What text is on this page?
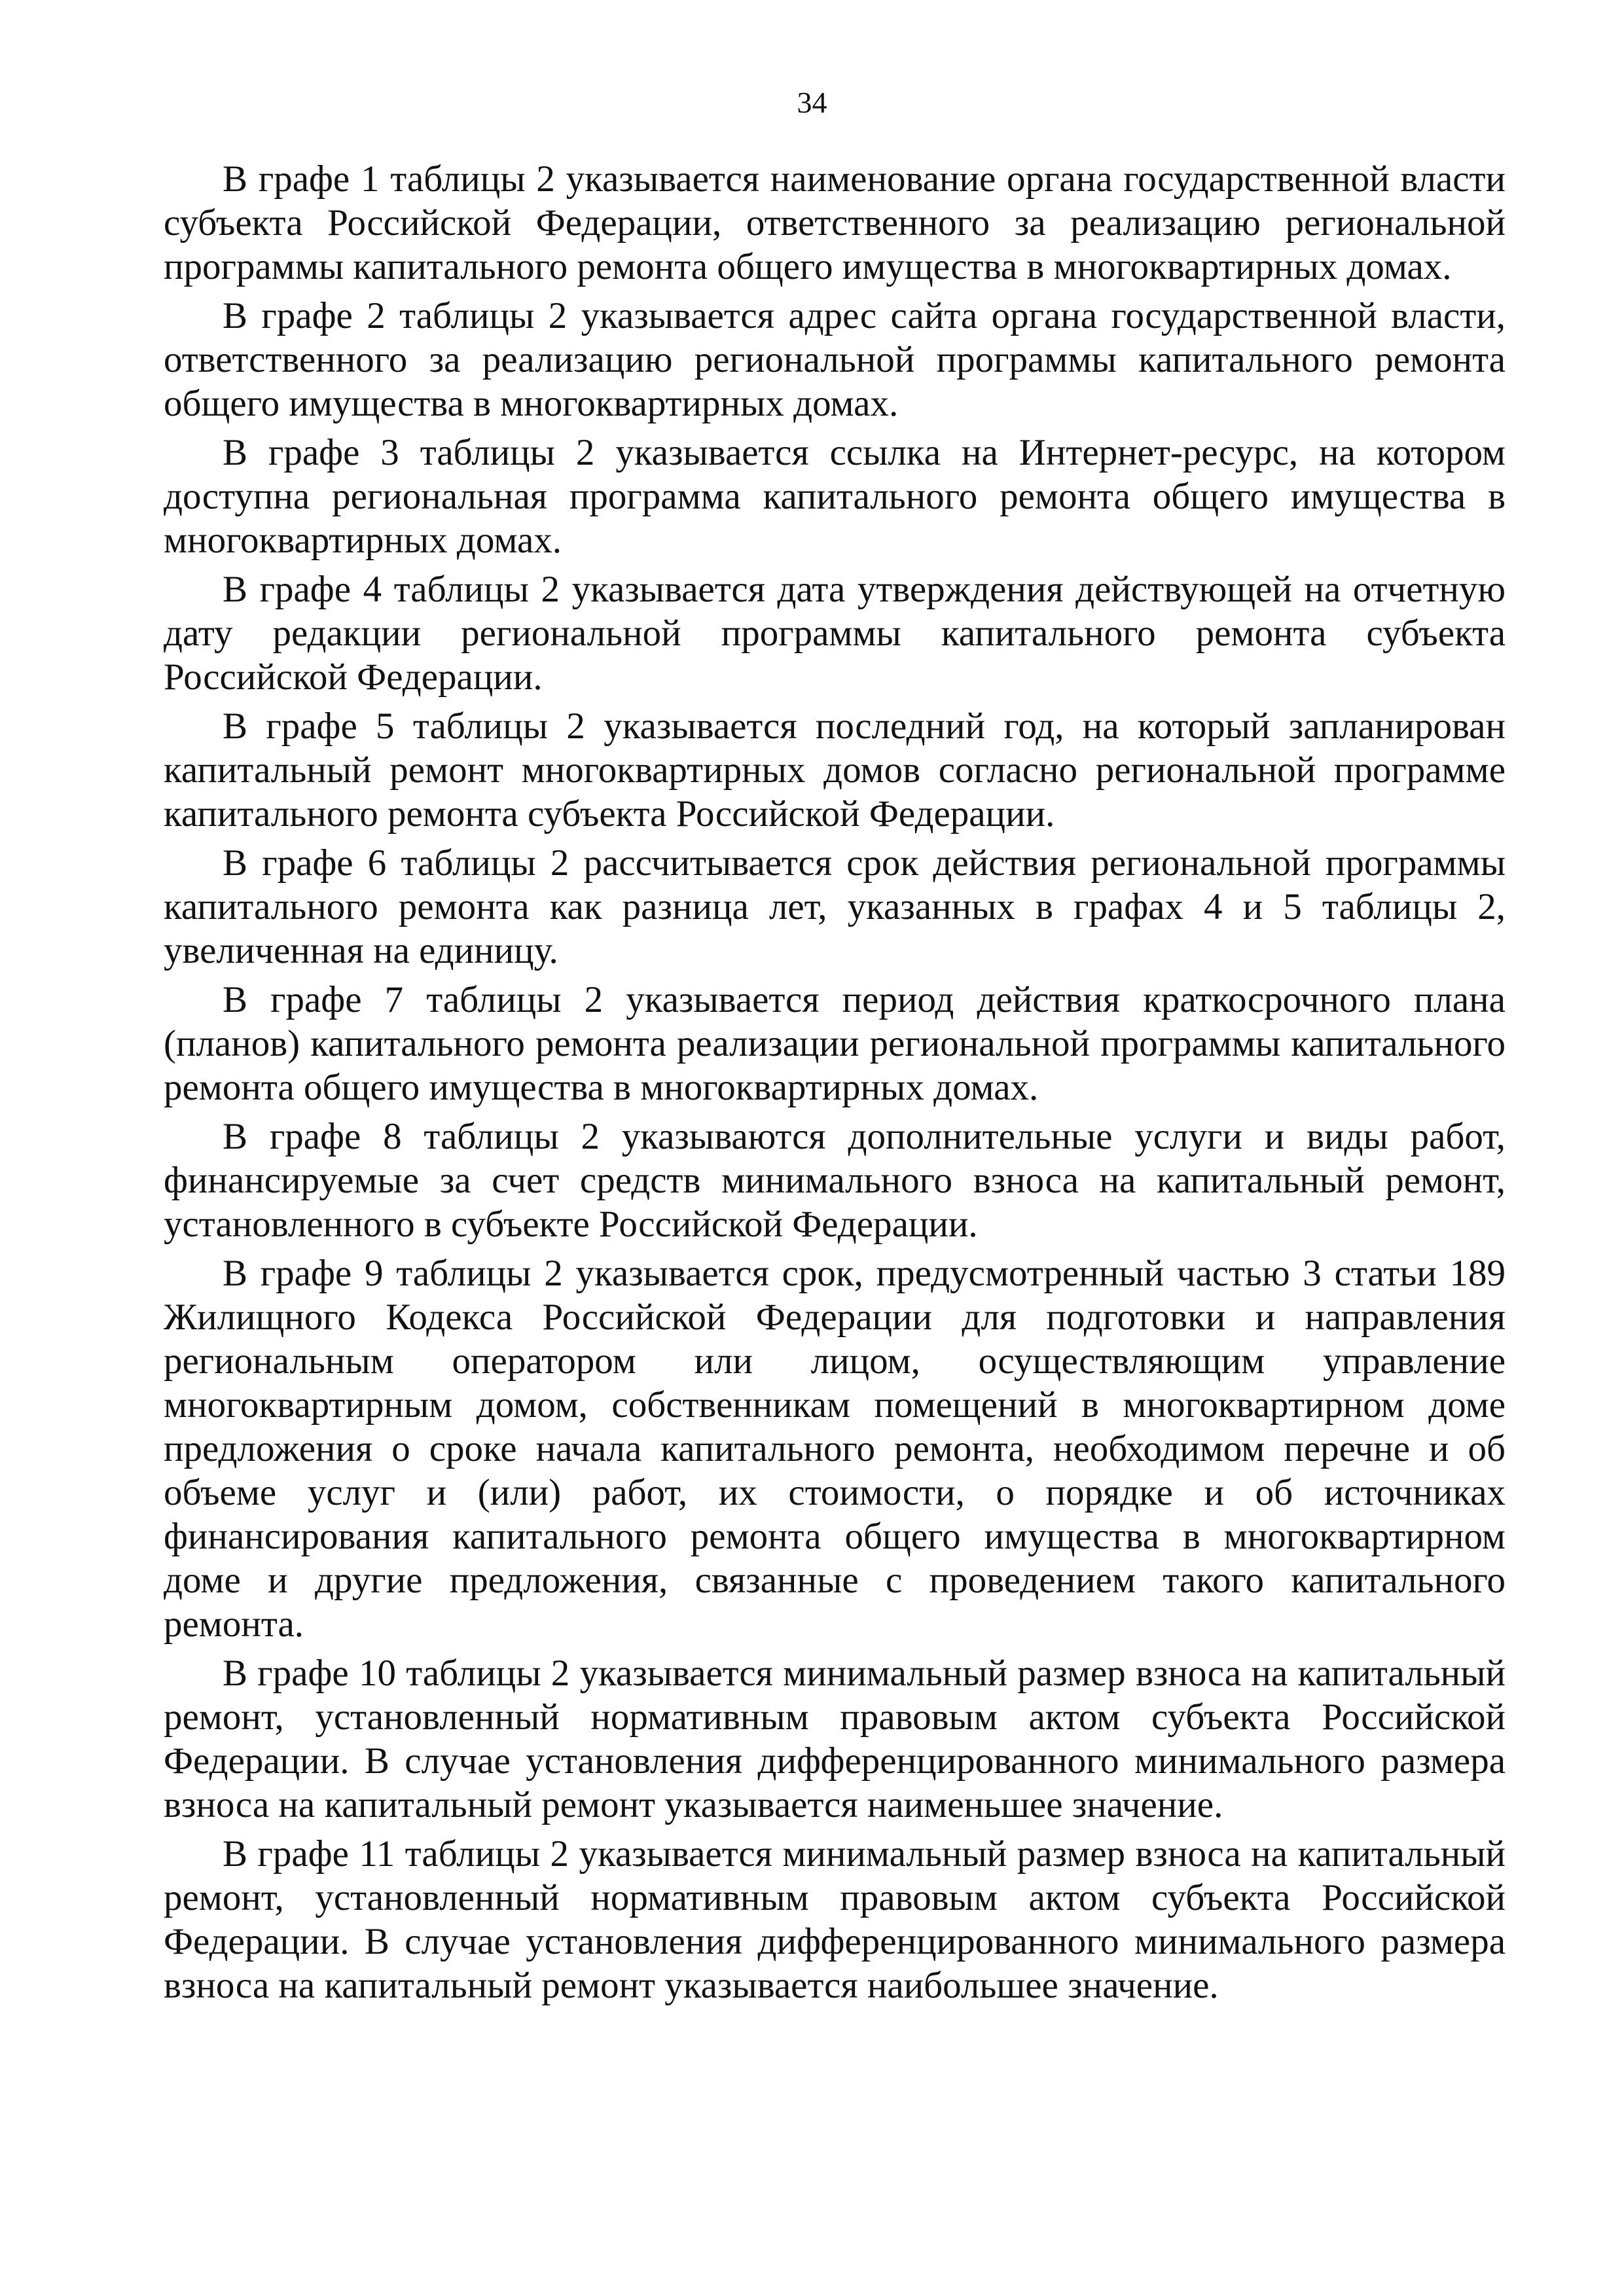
34

В графе 1 таблицы 2 указывается наименование органа государственной власти субъекта Российской Федерации, ответственного за реализацию региональной программы капитального ремонта общего имущества в многоквартирных домах.

В графе 2 таблицы 2 указывается адрес сайта органа государственной власти, ответственного за реализацию региональной программы капитального ремонта общего имущества в многоквартирных домах.

В графе 3 таблицы 2 указывается ссылка на Интернет-ресурс, на котором доступна региональная программа капитального ремонта общего имущества в многоквартирных домах.

В графе 4 таблицы 2 указывается дата утверждения действующей на отчетную дату редакции региональной программы капитального ремонта субъекта Российской Федерации.

В графе 5 таблицы 2 указывается последний год, на который запланирован капитальный ремонт многоквартирных домов согласно региональной программе капитального ремонта субъекта Российской Федерации.

В графе 6 таблицы 2 рассчитывается срок действия региональной программы капитального ремонта как разница лет, указанных в графах 4 и 5 таблицы 2, увеличенная на единицу.

В графе 7 таблицы 2 указывается период действия краткосрочного плана (планов) капитального ремонта реализации региональной программы капитального ремонта общего имущества в многоквартирных домах.

В графе 8 таблицы 2 указываются дополнительные услуги и виды работ, финансируемые за счет средств минимального взноса на капитальный ремонт, установленного в субъекте Российской Федерации.

В графе 9 таблицы 2 указывается срок, предусмотренный частью 3 статьи 189 Жилищного Кодекса Российской Федерации для подготовки и направления региональным оператором или лицом, осуществляющим управление многоквартирным домом, собственникам помещений в многоквартирном доме предложения о сроке начала капитального ремонта, необходимом перечне и об объеме услуг и (или) работ, их стоимости, о порядке и об источниках финансирования капитального ремонта общего имущества в многоквартирном доме и другие предложения, связанные с проведением такого капитального ремонта.

В графе 10 таблицы 2 указывается минимальный размер взноса на капитальный ремонт, установленный нормативным правовым актом субъекта Российской Федерации. В случае установления дифференцированного минимального размера взноса на капитальный ремонт указывается наименьшее значение.

В графе 11 таблицы 2 указывается минимальный размер взноса на капитальный ремонт, установленный нормативным правовым актом субъекта Российской Федерации. В случае установления дифференцированного минимального размера взноса на капитальный ремонт указывается наибольшее значение.
